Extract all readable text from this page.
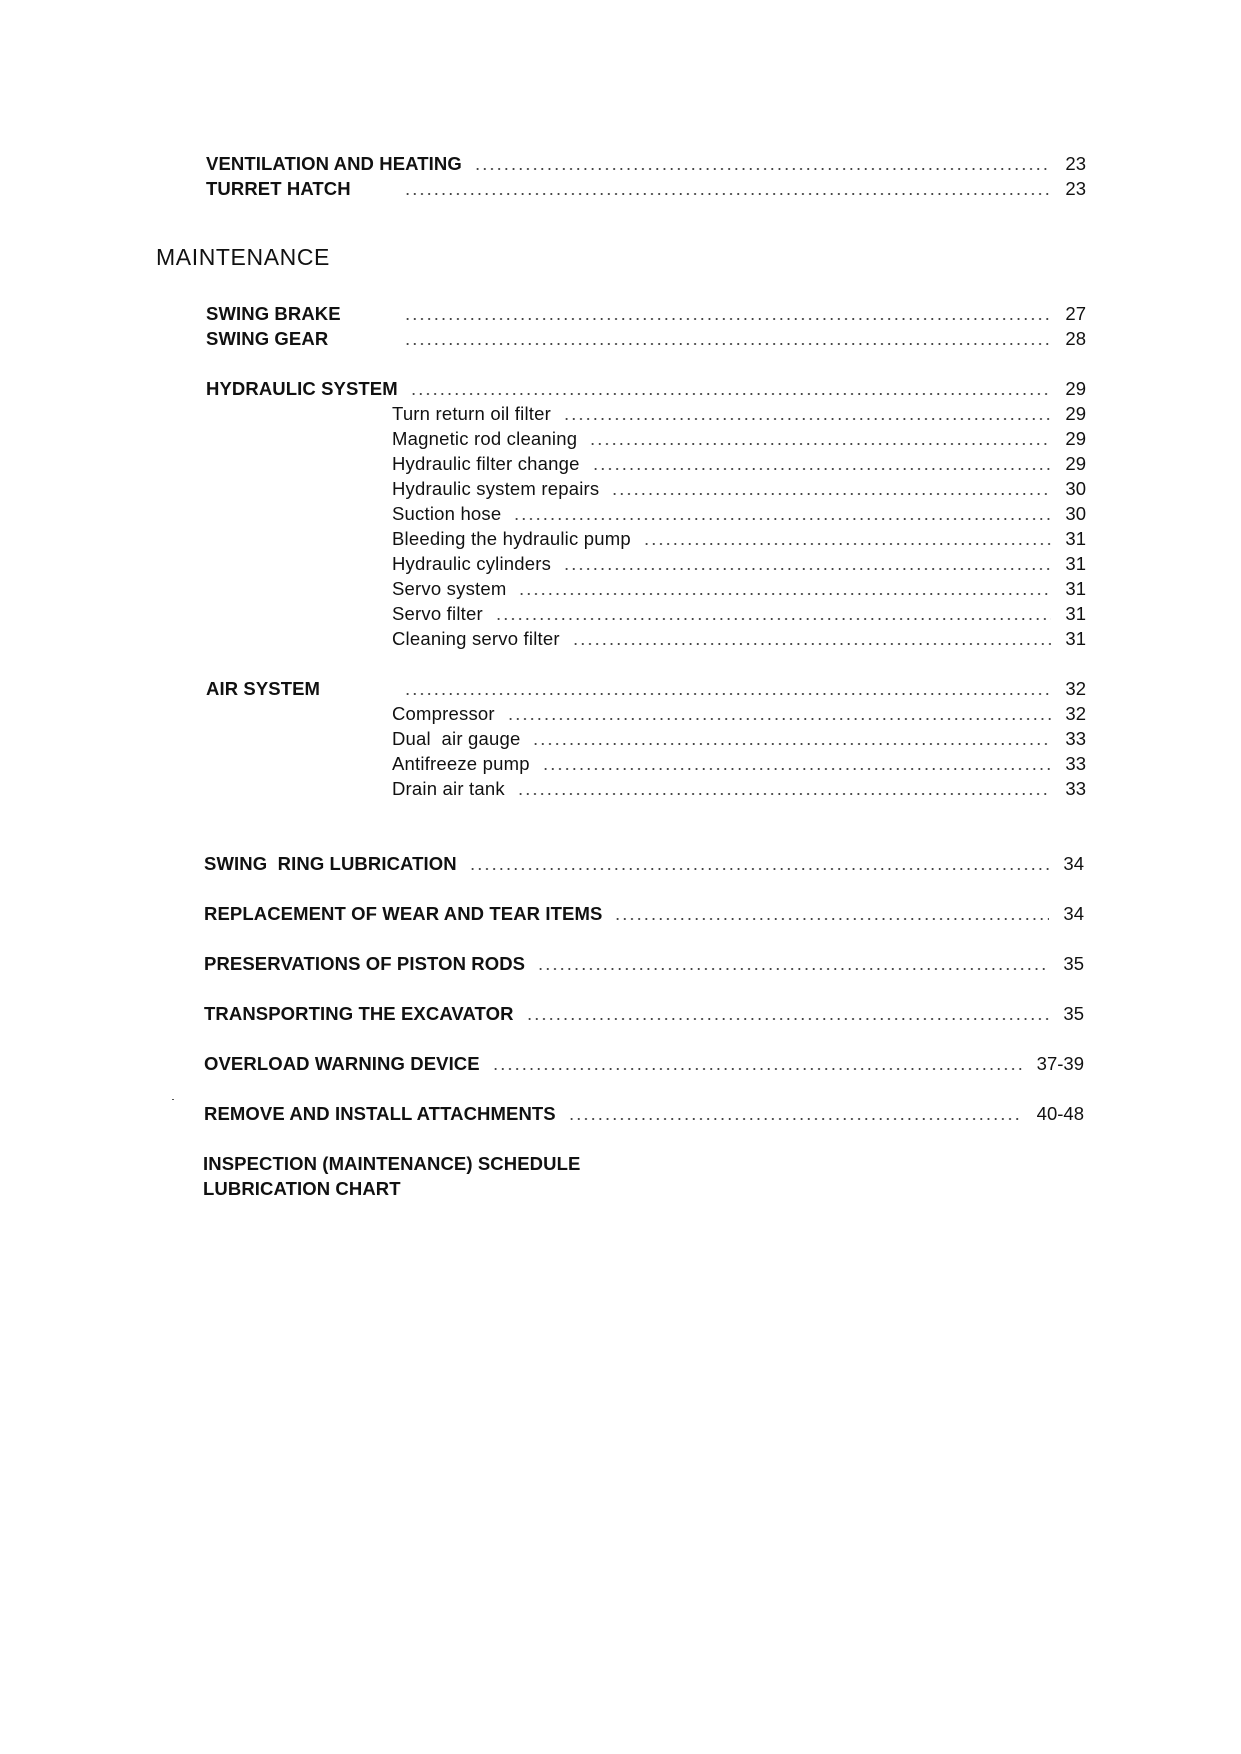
VENTILATION AND HEATING	23
TURRET HATCH	23
MAINTENANCE
SWING BRAKE	27
SWING GEAR	28
HYDRAULIC SYSTEM	29
Turn return oil filter	29
Magnetic rod cleaning	29
Hydraulic filter change	29
Hydraulic system repairs	30
Suction hose	30
Bleeding the hydraulic pump	31
Hydraulic cylinders	31
Servo system	31
Servo filter	31
Cleaning servo filter	31
AIR SYSTEM	32
Compressor	32
Dual  air gauge	33
Antifreeze pump	33
Drain air tank	33
SWING  RING LUBRICATION	34
REPLACEMENT OF WEAR AND TEAR ITEMS	34
PRESERVATIONS OF PISTON RODS	35
TRANSPORTING THE EXCAVATOR	35
OVERLOAD WARNING DEVICE	37-39
REMOVE AND INSTALL ATTACHMENTS	40-48
INSPECTION (MAINTENANCE) SCHEDULE
LUBRICATION CHART
